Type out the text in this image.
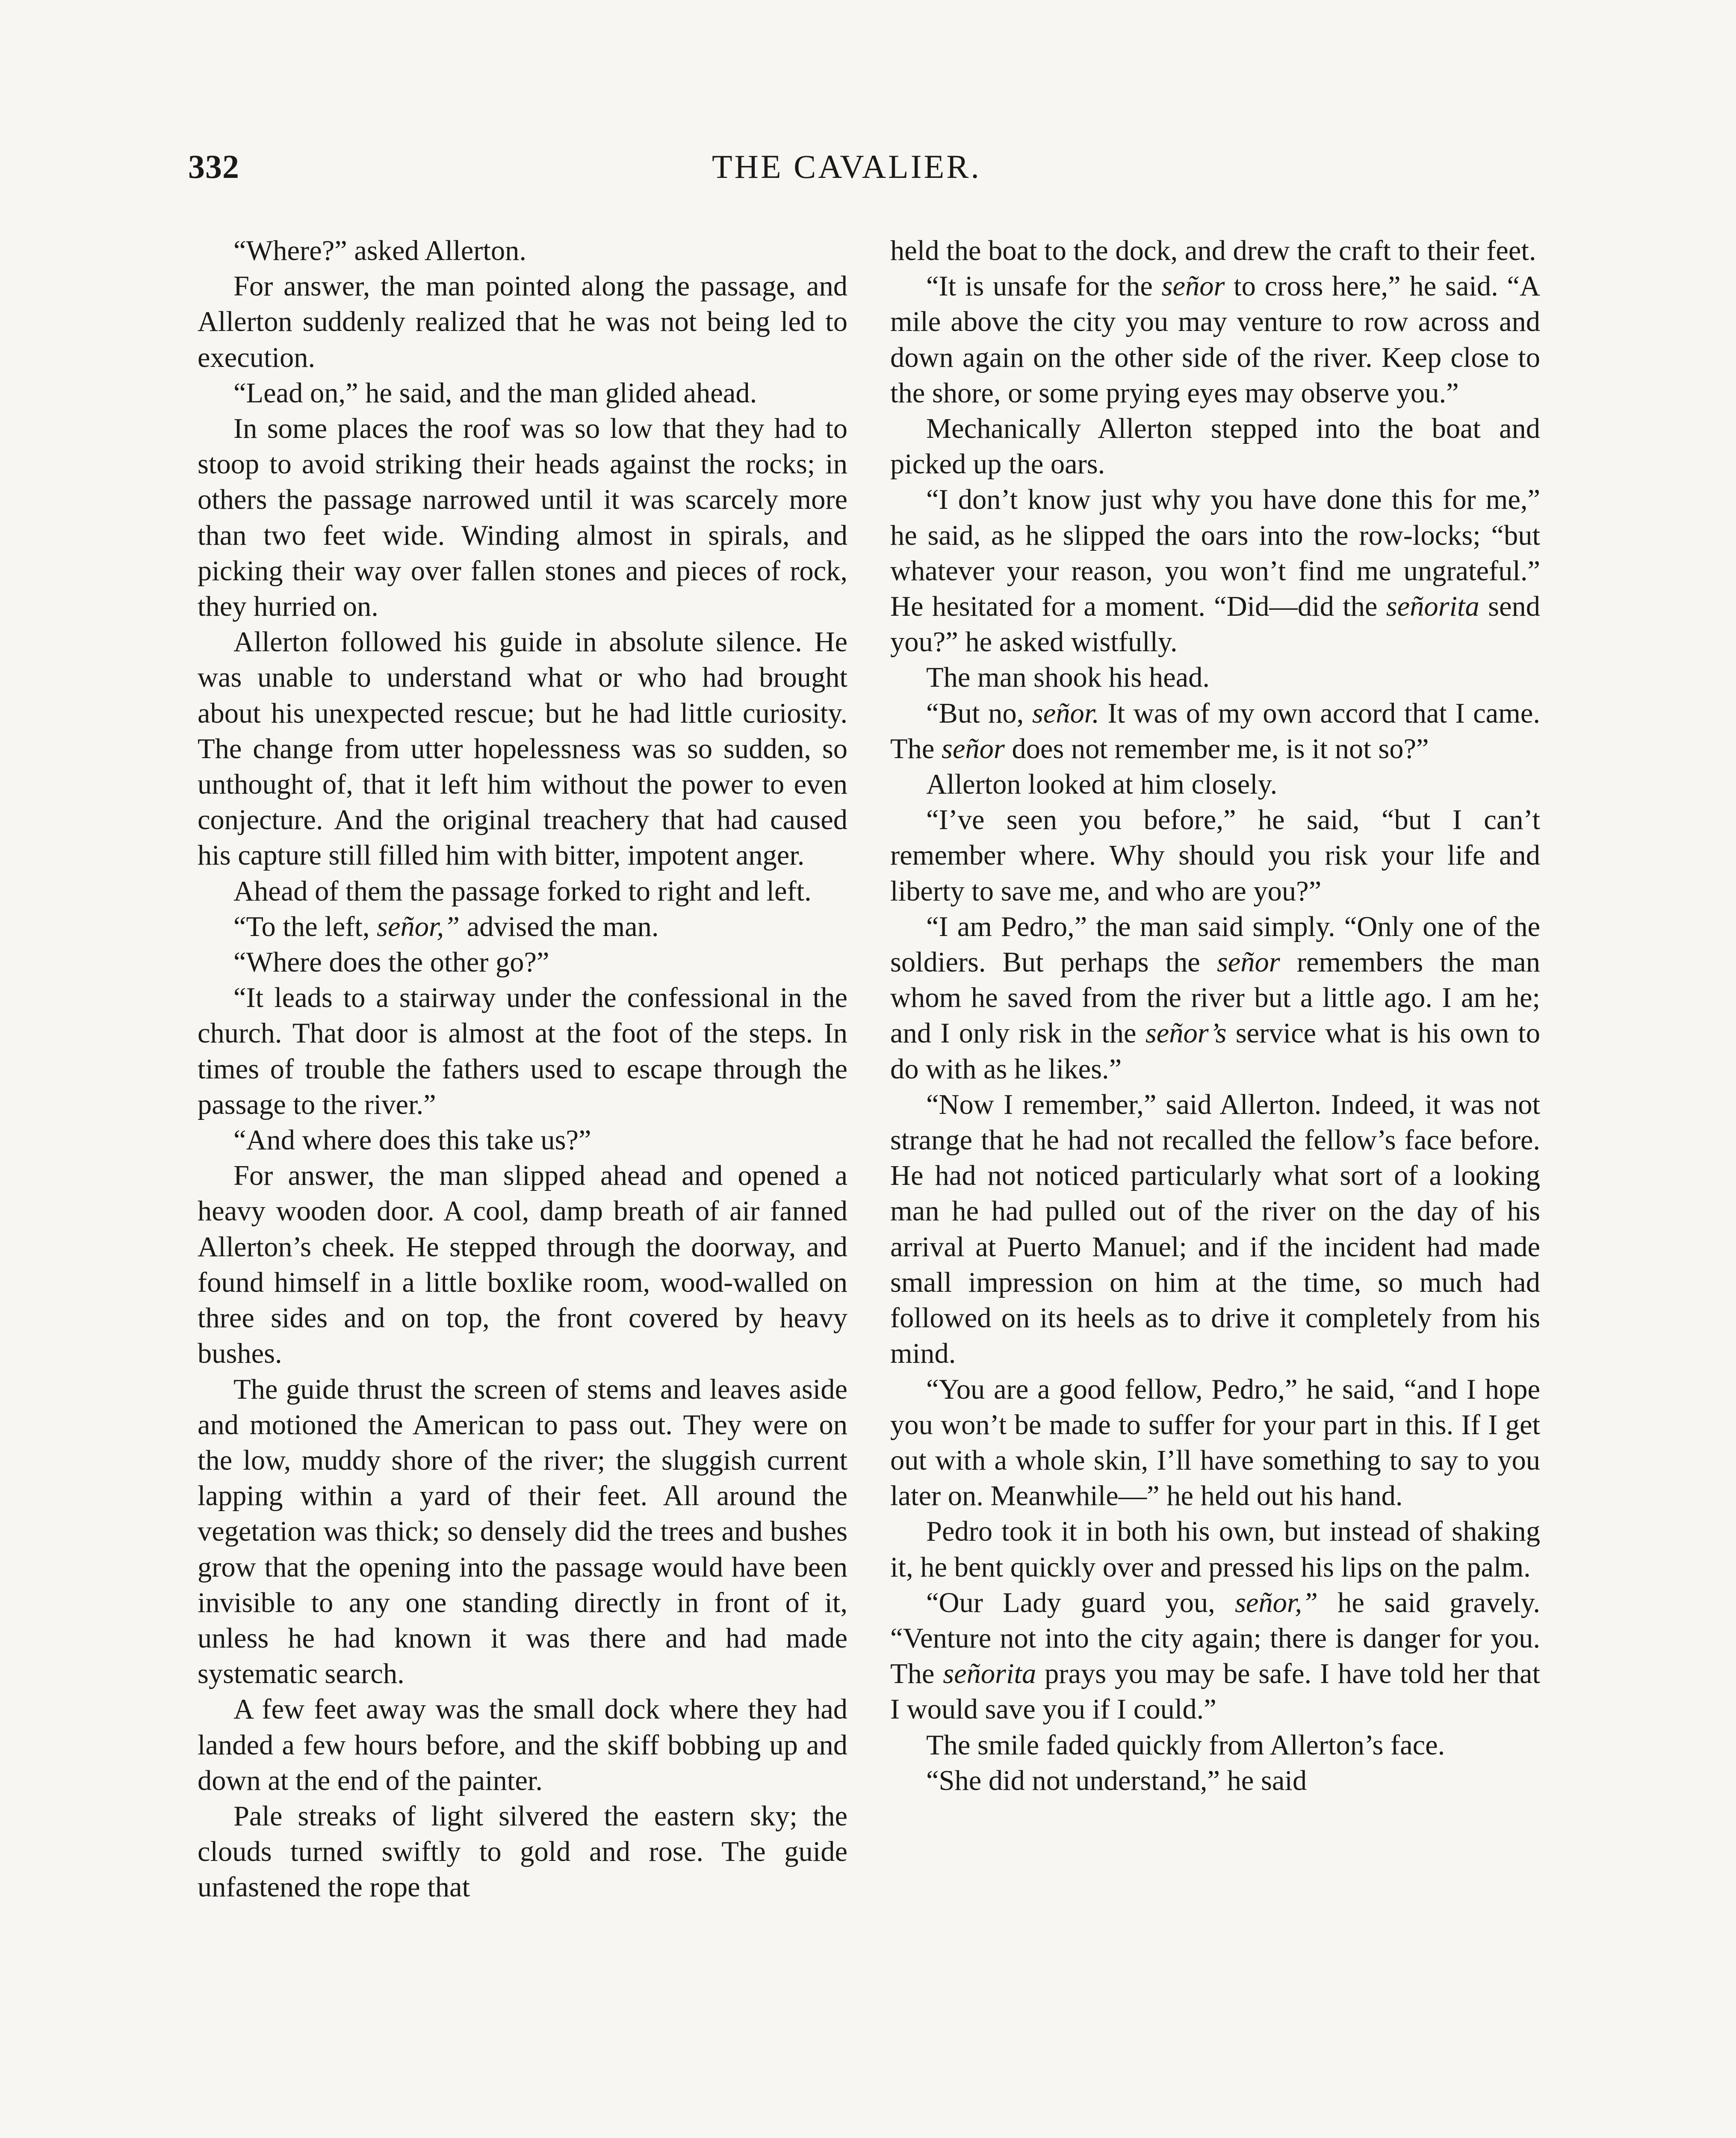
332	THE CAVALIER.

“Where?” asked Allerton.

For answer, the man pointed along the passage, and Allerton suddenly realized that he was not being led to execution.

“Lead on,” he said, and the man glided ahead.

In some places the roof was so low that they had to stoop to avoid striking their heads against the rocks; in others the passage narrowed until it was scarcely more than two feet wide. Winding almost in spirals, and picking their way over fallen stones and pieces of rock, they hurried on.

Allerton followed his guide in absolute silence. He was unable to understand what or who had brought about his unexpected rescue; but he had little curiosity. The change from utter hopelessness was so sudden, so unthought of, that it left him without the power to even conjecture. And the original treachery that had caused his capture still filled him with bitter, impotent anger.

Ahead of them the passage forked to right and left.

“To the left, señor,” advised the man.

“Where does the other go?”

“It leads to a stairway under the confessional in the church. That door is almost at the foot of the steps. In times of trouble the fathers used to escape through the passage to the river.”

“And where does this take us?”

For answer, the man slipped ahead and opened a heavy wooden door. A cool, damp breath of air fanned Allerton’s cheek. He stepped through the doorway, and found himself in a little boxlike room, wood-walled on three sides and on top, the front covered by heavy bushes.

The guide thrust the screen of stems and leaves aside and motioned the American to pass out. They were on the low, muddy shore of the river; the sluggish current lapping within a yard of their feet. All around the vegetation was thick; so densely did the trees and bushes grow that the opening into the passage would have been invisible to any one standing directly in front of it, unless he had known it was there and had made systematic search.

A few feet away was the small dock where they had landed a few hours before, and the skiff bobbing up and down at the end of the painter.

Pale streaks of light silvered the eastern sky; the clouds turned swiftly to gold and rose. The guide unfastened the rope that

held the boat to the dock, and drew the craft to their feet.

“It is unsafe for the señor to cross here,” he said. “A mile above the city you may venture to row across and down again on the other side of the river. Keep close to the shore, or some prying eyes may observe you.”

Mechanically Allerton stepped into the boat and picked up the oars.

“I don’t know just why you have done this for me,” he said, as he slipped the oars into the row-locks; “but whatever your reason, you won’t find me ungrateful.” He hesitated for a moment. “Did—did the señorita send you?” he asked wistfully.

The man shook his head.

“But no, señor. It was of my own accord that I came. The señor does not remember me, is it not so?”

Allerton looked at him closely.

“I’ve seen you before,” he said, “but I can’t remember where. Why should you risk your life and liberty to save me, and who are you?”

“I am Pedro,” the man said simply. “Only one of the soldiers. But perhaps the señor remembers the man whom he saved from the river but a little ago. I am he; and I only risk in the señor’s service what is his own to do with as he likes.”

“Now I remember,” said Allerton. Indeed, it was not strange that he had not recalled the fellow’s face before. He had not noticed particularly what sort of a looking man he had pulled out of the river on the day of his arrival at Puerto Manuel; and if the incident had made small impression on him at the time, so much had followed on its heels as to drive it completely from his mind.

“You are a good fellow, Pedro,” he said, “and I hope you won’t be made to suffer for your part in this. If I get out with a whole skin, I’ll have something to say to you later on. Meanwhile—” he held out his hand.

Pedro took it in both his own, but instead of shaking it, he bent quickly over and pressed his lips on the palm.

“Our Lady guard you, señor,” he said gravely. “Venture not into the city again; there is danger for you. The señorita prays you may be safe. I have told her that I would save you if I could.”

The smile faded quickly from Allerton’s face.

“She did not understand,” he said
